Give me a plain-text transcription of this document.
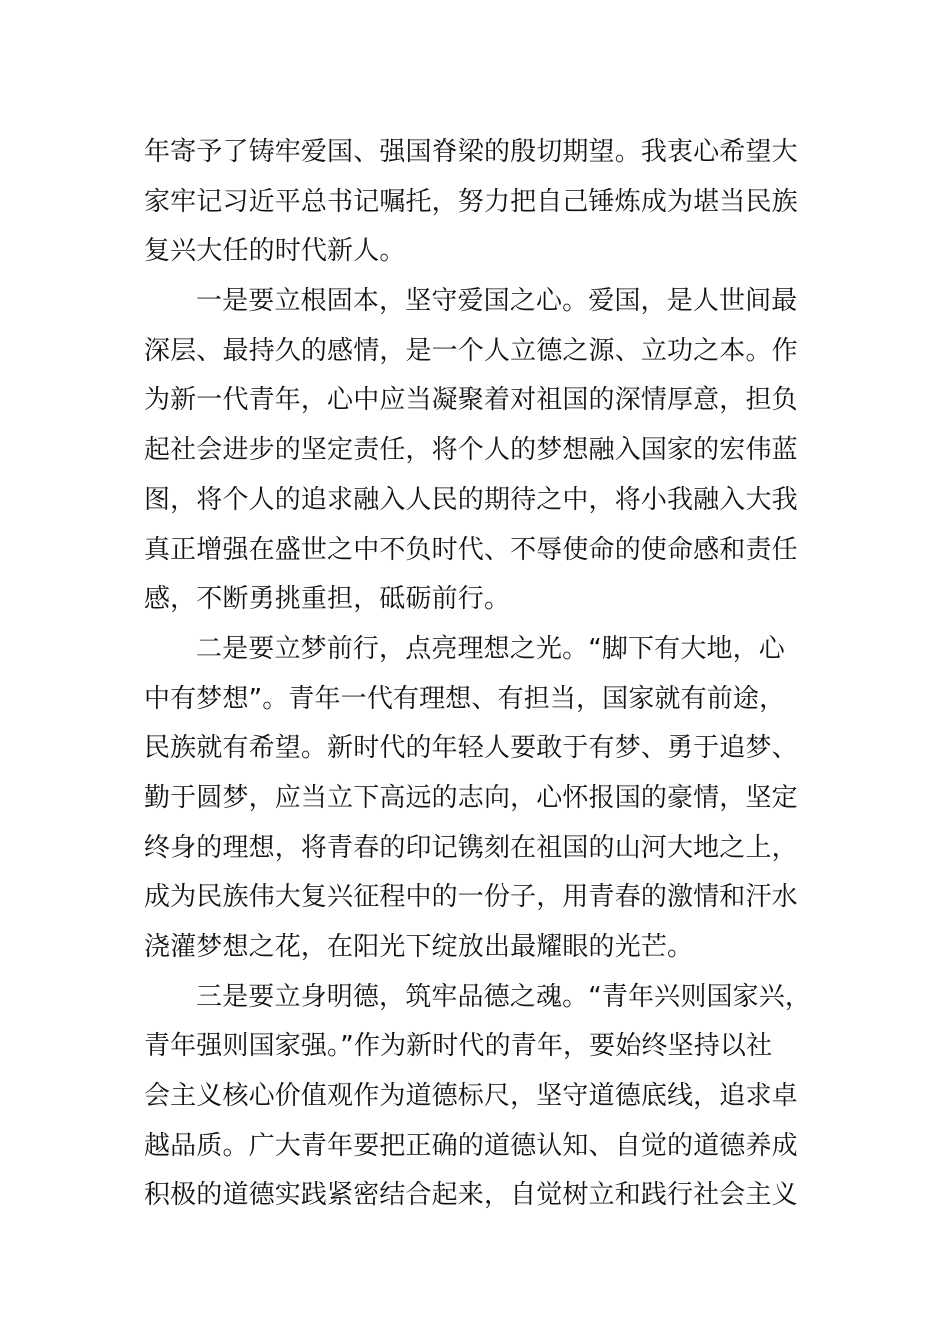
年寄予了铸牢爱国、强国脊梁的殷切期望。我衷心希望大
家牢记习近平总书记嘱托，努力把自己锤炼成为堪当民族
复兴大任的时代新人。
一是要立根固本，坚守爱国之心。爱国，是人世间最
深层、最持久的感情，是一个人立德之源、立功之本。作
为新一代青年，心中应当凝聚着对祖国的深情厚意，担负
起社会进步的坚定责任，将个人的梦想融入国家的宏伟蓝
图，将个人的追求融入人民的期待之中，将小我融入大我
真正增强在盛世之中不负时代、不辱使命的使命感和责任
感，不断勇挑重担，砥砺前行。
二是要立梦前行，点亮理想之光。“脚下有大地，心
中有梦想”。青年一代有理想、有担当，国家就有前途，
民族就有希望。新时代的年轻人要敢于有梦、勇于追梦、
勤于圆梦，应当立下高远的志向，心怀报国的豪情，坚定
终身的理想，将青春的印记镌刻在祖国的山河大地之上，
成为民族伟大复兴征程中的一份子，用青春的激情和汗水
浇灌梦想之花，在阳光下绽放出最耀眼的光芒。
三是要立身明德，筑牢品德之魂。“青年兴则国家兴，
青年强则国家强。”作为新时代的青年，要始终坚持以社
会主义核心价值观作为道德标尺，坚守道德底线，追求卓
越品质。广大青年要把正确的道德认知、自觉的道德养成
积极的道德实践紧密结合起来，自觉树立和践行社会主义
